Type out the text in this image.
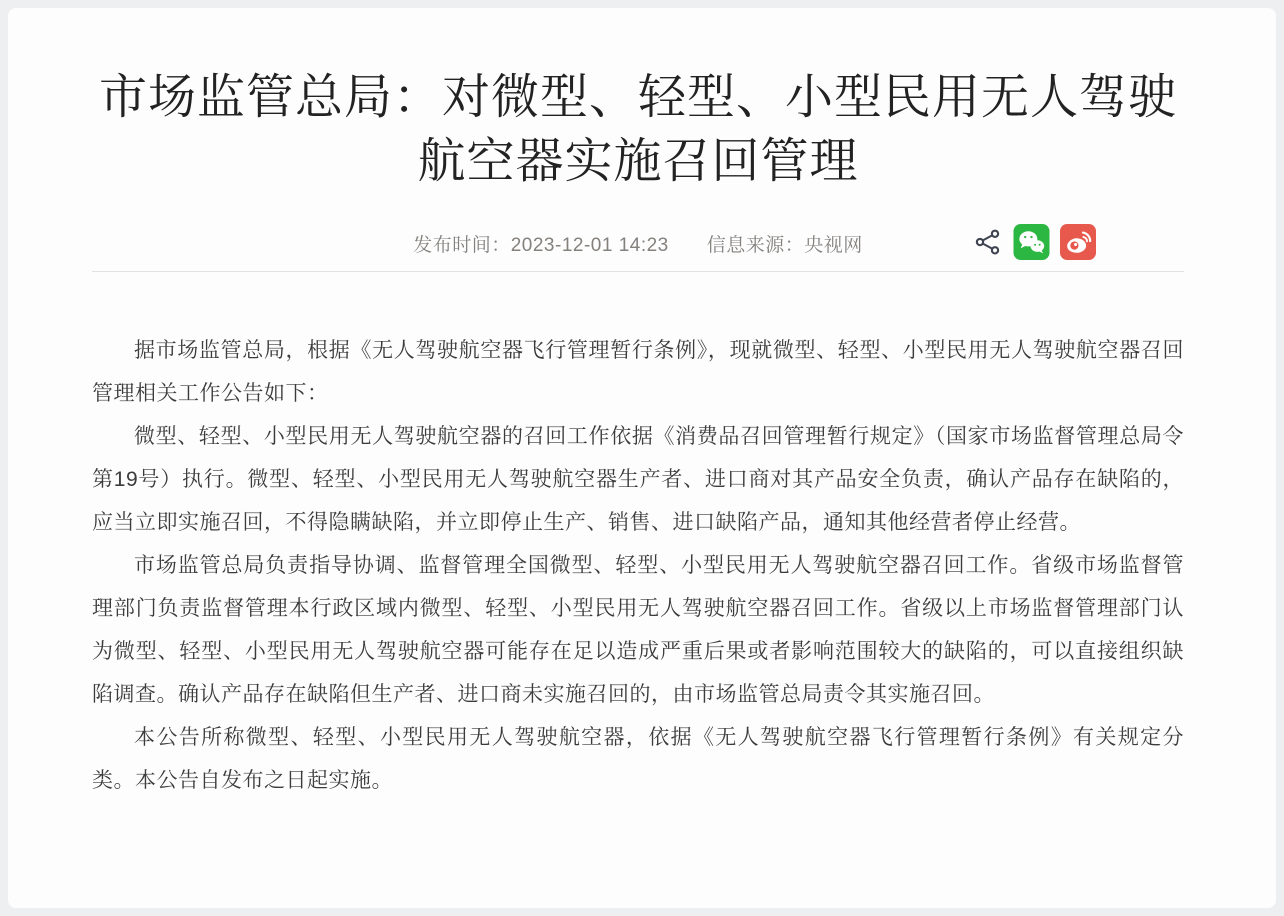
市场监管总局：对微型、轻型、小型民用无人驾驶航空器实施召回管理
发布时间：2023-12-01 14:23 信息来源：央视网

据市场监管总局，根据《无人驾驶航空器飞行管理暂行条例》，现就微型、轻型、小型民用无人驾驶航空器召回管理相关工作公告如下：

微型、轻型、小型民用无人驾驶航空器的召回工作依据《消费品召回管理暂行规定》（国家市场监督管理总局令第19号）执行。微型、轻型、小型民用无人驾驶航空器生产者、进口商对其产品安全负责，确认产品存在缺陷的，应当立即实施召回，不得隐瞒缺陷，并立即停止生产、销售、进口缺陷产品，通知其他经营者停止经营。

市场监管总局负责指导协调、监督管理全国微型、轻型、小型民用无人驾驶航空器召回工作。省级市场监督管理部门负责监督管理本行政区域内微型、轻型、小型民用无人驾驶航空器召回工作。省级以上市场监督管理部门认为微型、轻型、小型民用无人驾驶航空器可能存在足以造成严重后果或者影响范围较大的缺陷的，可以直接组织缺陷调查。确认产品存在缺陷但生产者、进口商未实施召回的，由市场监管总局责令其实施召回。

本公告所称微型、轻型、小型民用无人驾驶航空器，依据《无人驾驶航空器飞行管理暂行条例》有关规定分类。本公告自发布之日起实施。
